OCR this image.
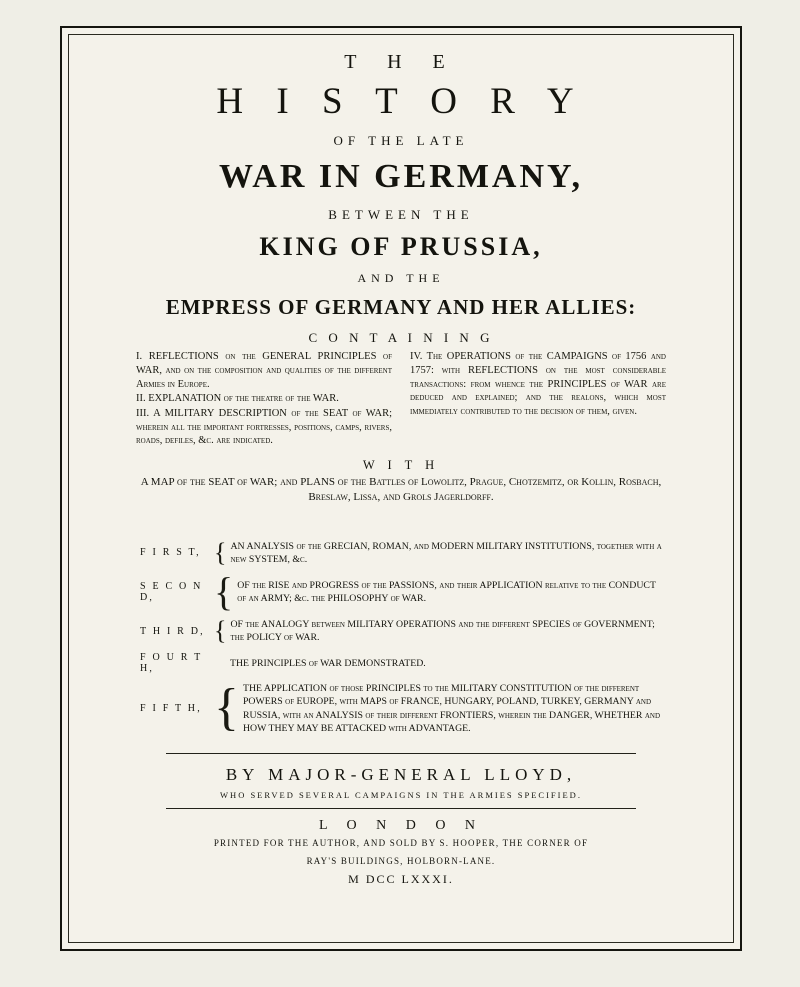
T H E
H I S T O R Y
OF THE LATE
WAR IN GERMANY,
BETWEEN THE
KING OF PRUSSIA,
AND THE
EMPRESS OF GERMANY AND HER ALLIES:
C O N T A I N I N G

I. REFLECTIONS on the GENERAL PRINCIPLES of WAR, and on the composition and qualities of the different Armies in Europe.

II. EXPLANATION of the theatre of the WAR.

III. A MILITARY DESCRIPTION of the SEAT of WAR; wherein all the important fortresses, positions, camps, rivers, roads, defiles, &c. are indicated.

IV. The OPERATIONS of the CAMPAIGNS of 1756 and 1757: with REFLECTIONS on the most considerable transactions: from whence the PRINCIPLES of WAR are deduced and explained; and the realons, which most immediately contributed to the decision of them, given.

W I T H
A MAP of the SEAT of WAR; and PLANS of the Battles of Lowolitz, Prague, Chotzemitz, or Kollin, Rosbach, Breslaw, Lissa, and Grols Jagerldorff.
F I R S T, { AN ANALYSIS of the GRECIAN, ROMAN, and MODERN MILITARY INSTITUTIONS, together with a new SYSTEM, &c.
S E C O N D,	{ OF the RISE and PROGRESS of the PASSIONS, and their APPLICATION relative to the CONDUCT of an ARMY; &c. the PHILOSOPHY of WAR.
T H I R D, { OF the ANALOGY between MILITARY OPERATIONS and the different SPECIES of GOVERNMENT; the POLICY of WAR.
F O U R T H,
THE PRINCIPLES of WAR DEMONSTRATED.
F I F T H, { THE APPLICATION of those PRINCIPLES to the MILITARY CONSTITUTION of the different POWERS of EUROPE, with MAPS of FRANCE, HUNGARY, POLAND, TURKEY, GERMANY and RUSSIA, with an ANALYSIS of their different FRONTIERS, wherein the DANGER, WHETHER and HOW THEY MAY BE ATTACKED with ADVANTAGE.
BY MAJOR-GENERAL LLOYD,
WHO SERVED SEVERAL CAMPAIGNS IN THE ARMIES SPECIFIED.
L O N D O N
PRINTED FOR THE AUTHOR, AND SOLD BY S. HOOPER, THE CORNER OF
RAY'S BUILDINGS, HOLBORN-LANE.
M DCC LXXXI.
